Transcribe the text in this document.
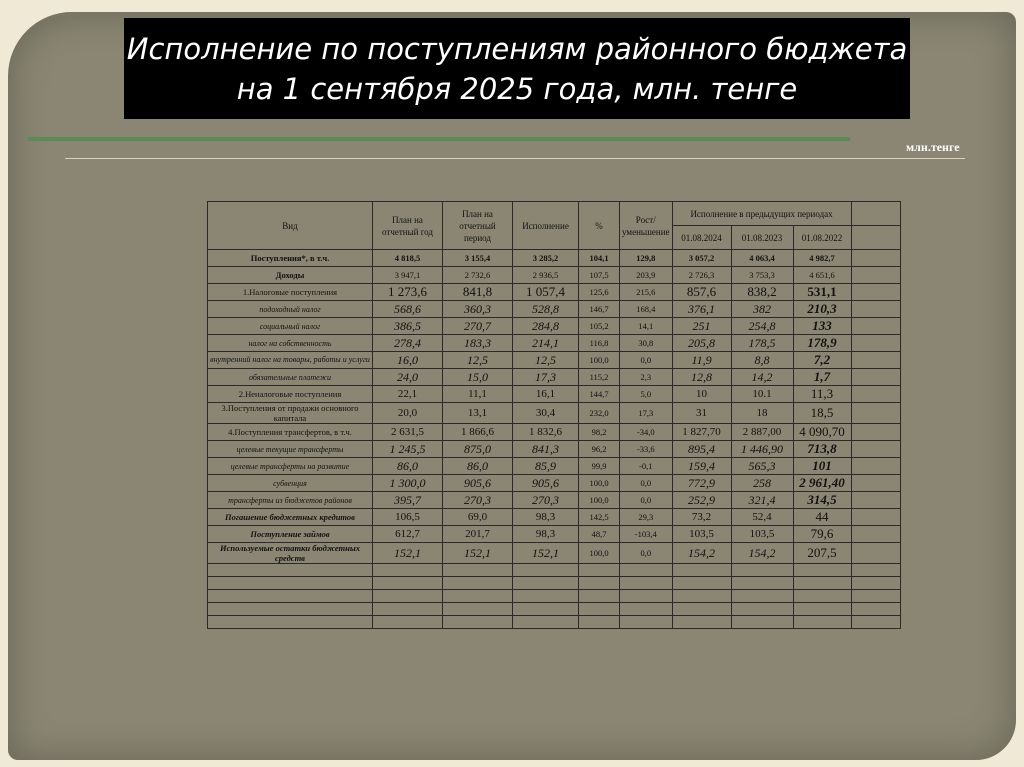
Исполнение по поступлениям районного бюджета
на 1 сентября 2025 года, млн. тенге
млн.тенге
Вид	План на отчетный год	План на отчетный период	Исполнение	%	Рост/ уменьшение	Исполнение в предыдущих периодах			
						01.08.2024	01.08.2023	01.08.2022	
Поступления*, в т.ч.	4 818,5	3 155,4	3 285,2	104,1	129,8	3 057,2	4 063,4	4 982,7	
Доходы	3 947,1	2 732,6	2 936,5	107,5	203,9	2 726,3	3 753,3	4 651,6	
1.Налоговые поступления	1 273,6	841,8	1 057,4	125,6	215,6	857,6	838,2	531,1	
подоходный налог	568,6	360,3	528,8	146,7	168,4	376,1	382	210,3	
социальный налог	386,5	270,7	284,8	105,2	14,1	251	254,8	133	
налог на собственность	278,4	183,3	214,1	116,8	30,8	205,8	178,5	178,9	
внутренний налог на товары, работы и услуги	16,0	12,5	12,5	100,0	0,0	11,9	8,8	7,2	
обязательные платежи	24,0	15,0	17,3	115,2	2,3	12,8	14,2	1,7	
2.Неналоговые поступления	22,1	11,1	16,1	144,7	5,0	10	10.1	11,3	
3.Поступления от продажи основного капитала	20,0	13,1	30,4	232,0	17,3	31	18	18,5	
4.Поступления трансфертов, в т.ч.	2 631,5	1 866,6	1 832,6	98,2	-34,0	1 827,70	2 887,00	4 090,70	
целевые текущие трансферты	1 245,5	875,0	841,3	96,2	-33,6	895,4	1 446,90	713,8	
целевые трансферты на развитие	86,0	86,0	85,9	99,9	-0,1	159,4	565,3	101	
субвенция	1 300,0	905,6	905,6	100,0	0,0	772,9	258	2 961,40	
трансферты из бюджетов районов	395,7	270,3	270,3	100,0	0,0	252,9	321,4	314,5	
Погашение бюджетных кредитов	106,5	69,0	98,3	142,5	29,3	73,2	52,4	44	
Поступление займов	612,7	201,7	98,3	48,7	-103,4	103,5	103,5	79,6	
Используемые остатки бюджетных средств	152,1	152,1	152,1	100,0	0,0	154,2	154,2	207,5	
